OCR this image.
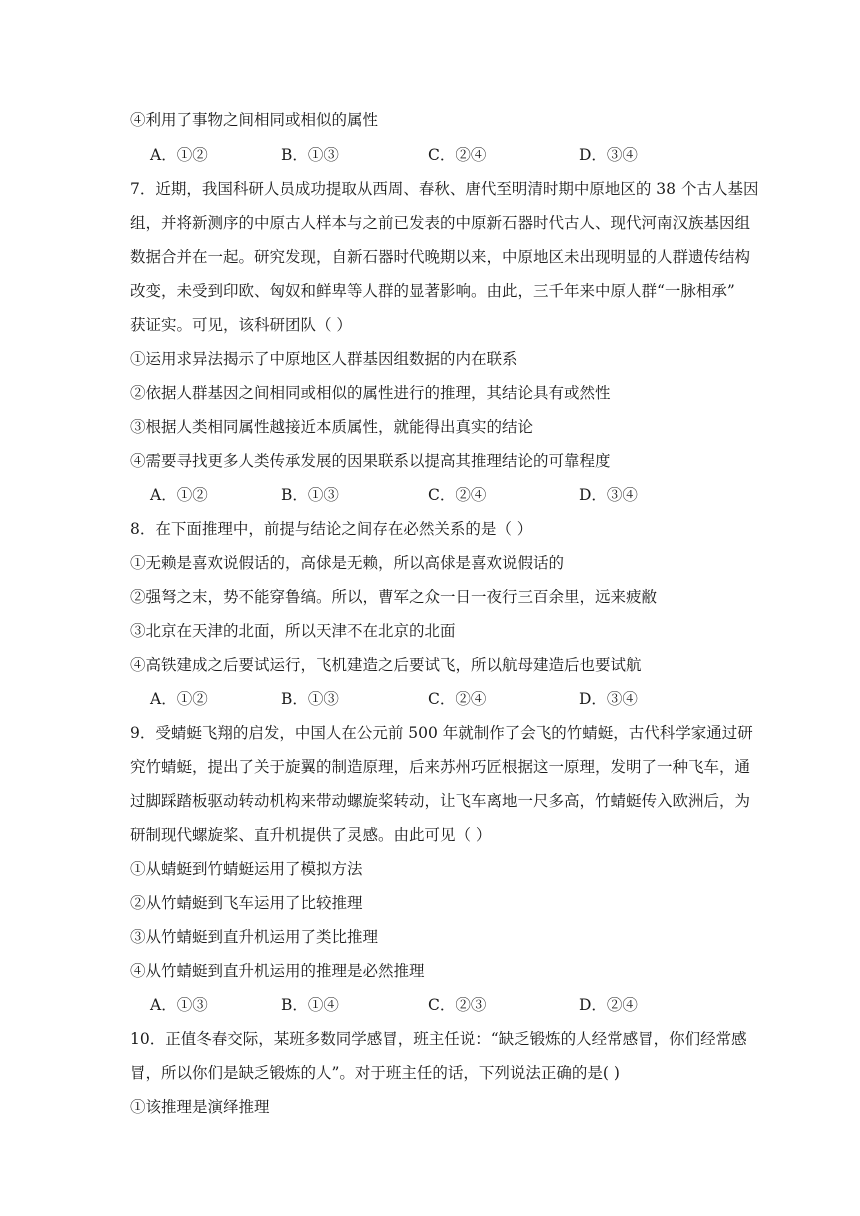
④利用了事物之间相同或相似的属性
A．①②	B．①③	C．②④	D．③④
7．近期，我国科研人员成功提取从西周、春秋、唐代至明清时期中原地区的 38 个古人基因
组，并将新测序的中原古人样本与之前已发表的中原新石器时代古人、现代河南汉族基因组
数据合并在一起。研究发现，自新石器时代晚期以来，中原地区未出现明显的人群遗传结构
改变，未受到印欧、匈奴和鲜卑等人群的显著影响。由此，三千年来中原人群“一脉相承”
获证实。可见，该科研团队（ ）
①运用求异法揭示了中原地区人群基因组数据的内在联系
②依据人群基因之间相同或相似的属性进行的推理，其结论具有或然性
③根据人类相同属性越接近本质属性，就能得出真实的结论
④需要寻找更多人类传承发展的因果联系以提高其推理结论的可靠程度
A．①②	B．①③	C．②④	D．③④
8．在下面推理中，前提与结论之间存在必然关系的是（ ）
①无赖是喜欢说假话的，高俅是无赖，所以高俅是喜欢说假话的
②强弩之末，势不能穿鲁缟。所以，曹军之众一日一夜行三百余里，远来疲敝
③北京在天津的北面，所以天津不在北京的北面
④高铁建成之后要试运行，飞机建造之后要试飞，所以航母建造后也要试航
A．①②	B．①③	C．②④	D．③④
9．受蜻蜓飞翔的启发，中国人在公元前 500 年就制作了会飞的竹蜻蜓，古代科学家通过研
究竹蜻蜓，提出了关于旋翼的制造原理，后来苏州巧匠根据这一原理，发明了一种飞车，通
过脚踩踏板驱动转动机构来带动螺旋桨转动，让飞车离地一尺多高，竹蜻蜓传入欧洲后，为
研制现代螺旋桨、直升机提供了灵感。由此可见（ ）
①从蜻蜓到竹蜻蜓运用了模拟方法
②从竹蜻蜓到飞车运用了比较推理
③从竹蜻蜓到直升机运用了类比推理
④从竹蜻蜓到直升机运用的推理是必然推理
A．①③	B．①④	C．②③	D．②④
10．正值冬春交际，某班多数同学感冒，班主任说：“缺乏锻炼的人经常感冒，你们经常感
冒，所以你们是缺乏锻炼的人”。对于班主任的话，下列说法正确的是( )
①该推理是演绎推理
